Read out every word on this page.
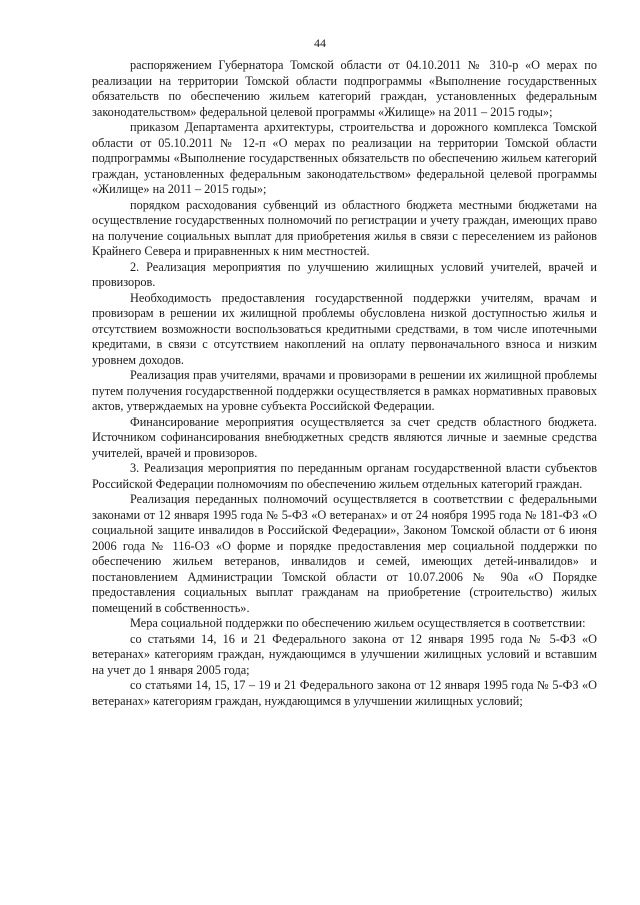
44

распоряжением Губернатора Томской области от 04.10.2011 № 310-р «О мерах по реализации на территории Томской области подпрограммы «Выполнение государственных обязательств по обеспечению жильем категорий граждан, установленных федеральным законодательством» федеральной целевой программы «Жилище» на 2011 – 2015 годы»;

приказом Департамента архитектуры, строительства и дорожного комплекса Томской области от 05.10.2011 № 12-п «О мерах по реализации на территории Томской области подпрограммы «Выполнение государственных обязательств по обеспечению жильем категорий граждан, установленных федеральным законодательством» федеральной целевой программы «Жилище» на 2011 – 2015 годы»;

порядком расходования субвенций из областного бюджета местными бюджетами на осуществление государственных полномочий по регистрации и учету граждан, имеющих право на получение социальных выплат для приобретения жилья в связи с переселением из районов Крайнего Севера и приравненных к ним местностей.

2. Реализация мероприятия по улучшению жилищных условий учителей, врачей и провизоров.

Необходимость предоставления государственной поддержки учителям, врачам и провизорам в решении их жилищной проблемы обусловлена низкой доступностью жилья и отсутствием возможности воспользоваться кредитными средствами, в том числе ипотечными кредитами, в связи с отсутствием накоплений на оплату первоначального взноса и низким уровнем доходов.

Реализация прав учителями, врачами и провизорами в решении их жилищной проблемы путем получения государственной поддержки осуществляется в рамках нормативных правовых актов, утверждаемых на уровне субъекта Российской Федерации.

Финансирование мероприятия осуществляется за счет средств областного бюджета. Источником софинансирования внебюджетных средств являются личные и заемные средства учителей, врачей и провизоров.

3. Реализация мероприятия по переданным органам государственной власти субъектов Российской Федерации полномочиям по обеспечению жильем отдельных категорий граждан.

Реализация переданных полномочий осуществляется в соответствии с федеральными законами от 12 января 1995 года № 5-ФЗ «О ветеранах» и от 24 ноября 1995 года № 181-ФЗ «О социальной защите инвалидов в Российской Федерации», Законом Томской области от 6 июня 2006 года № 116-ОЗ «О форме и порядке предоставления мер социальной поддержки по обеспечению жильем ветеранов, инвалидов и семей, имеющих детей-инвалидов» и постановлением Администрации Томской области от 10.07.2006 № 90а «О Порядке предоставления социальных выплат гражданам на приобретение (строительство) жилых помещений в собственность».

Мера социальной поддержки по обеспечению жильем осуществляется в соответствии:

со статьями 14, 16 и 21 Федерального закона от 12 января 1995 года № 5-ФЗ «О ветеранах» категориям граждан, нуждающимся в улучшении жилищных условий и вставшим на учет до 1 января 2005 года;

со статьями 14, 15, 17 – 19 и 21 Федерального закона от 12 января 1995 года № 5-ФЗ «О ветеранах» категориям граждан, нуждающимся в улучшении жилищных условий;
